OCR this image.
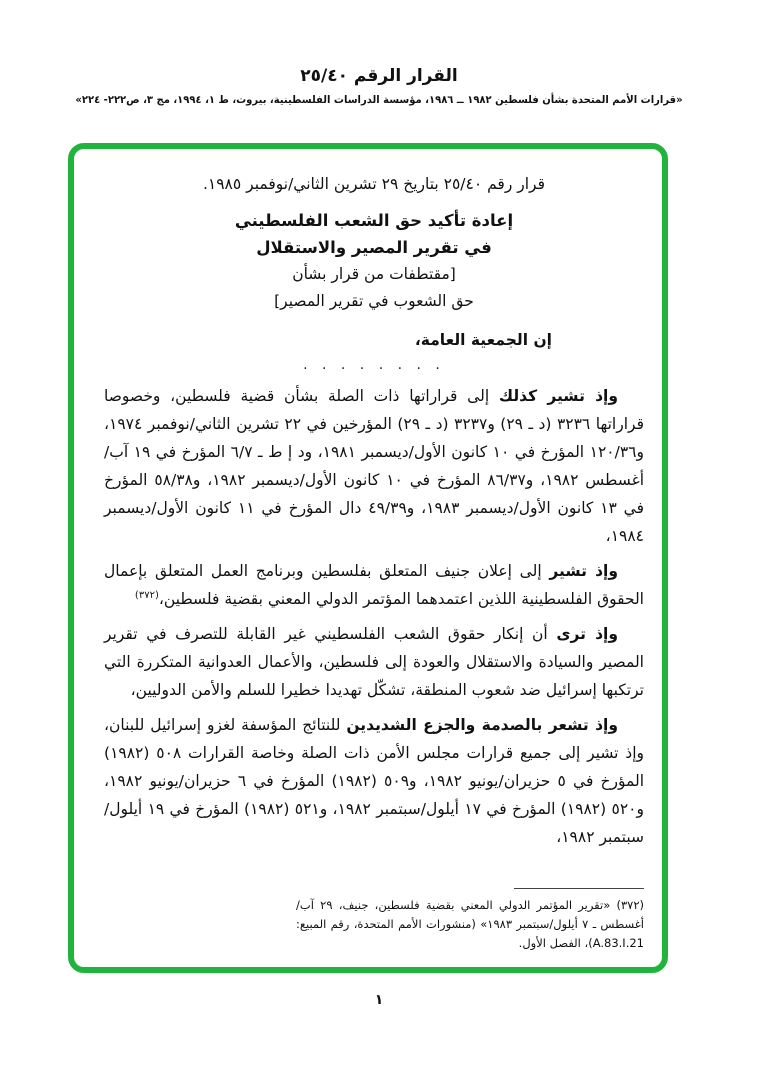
القرار الرقم ٢٥/٤٠
«قرارات الأمم المتحدة بشأن فلسطين ١٩٨٢ ــ ١٩٨٦، مؤسسة الدراسات الفلسطينية، بيروت، ط ١، ١٩٩٤، مج ٣، ص٢٢٢- ٢٢٤»

قرار رقم ٢٥/٤٠ بتاريخ ٢٩ تشرين الثاني/نوفمبر ١٩٨٥.

إعادة تأكيد حق الشعب الفلسطيني

في تقرير المصير والاستقلال

[مقتطفات من قرار بشأن

حق الشعوب في تقرير المصير]

إن الجمعية العامة،

. . . . . . . .

وإذ تشير كذلك إلى قراراتها ذات الصلة بشأن قضية فلسطين، وخصوصا قراراتها ٣٢٣٦ (د ـ ٢٩) و٣٢٣٧ (د ـ ٢٩) المؤرخين في ٢٢ تشرين الثاني/نوفمبر ١٩٧٤، و١٢٠/٣٦ المؤرخ في ١٠ كانون الأول/ديسمبر ١٩٨١، ود إ ط ـ ٦/٧ المؤرخ في ١٩ آب/أغسطس ١٩٨٢، و٨٦/٣٧ المؤرخ في ١٠ كانون الأول/ديسمبر ١٩٨٢، و٥٨/٣٨ المؤرخ في ١٣ كانون الأول/ديسمبر ١٩٨٣، و٤٩/٣٩ دال المؤرخ في ١١ كانون الأول/ديسمبر ١٩٨٤،

وإذ تشير إلى إعلان جنيف المتعلق بفلسطين وبرنامج العمل المتعلق بإعمال الحقوق الفلسطينية اللذين اعتمدهما المؤتمر الدولي المعني بقضية فلسطين،$^{(٣٧٢)}$

وإذ ترى أن إنكار حقوق الشعب الفلسطيني غير القابلة للتصرف في تقرير المصير والسيادة والاستقلال والعودة إلى فلسطين، والأعمال العدوانية المتكررة التي ترتكبها إسرائيل ضد شعوب المنطقة، تشكّل تهديدا خطيرا للسلم والأمن الدوليين،

وإذ تشعر بالصدمة والجزع الشديدين للنتائج المؤسفة لغزو إسرائيل للبنان، وإذ تشير إلى جميع قرارات مجلس الأمن ذات الصلة وخاصة القرارات ٥٠٨ (١٩٨٢) المؤرخ في ٥ حزيران/يونيو ١٩٨٢، و٥٠٩ (١٩٨٢) المؤرخ في ٦ حزيران/يونيو ١٩٨٢، و٥٢٠ (١٩٨٢) المؤرخ في ١٧ أيلول/سبتمبر ١٩٨٢، و٥٢١ (١٩٨٢) المؤرخ في ١٩ أيلول/سبتمبر ١٩٨٢،

(٣٧٢) «تقرير المؤتمر الدولي المعني بقضية فلسطين، جنيف، ٢٩ آب/أغسطس ـ ٧ أيلول/سبتمبر ١٩٨٣» (منشورات الأمم المتحدة، رقم المبيع: A.83.I.21)، الفصل الأول.

١
